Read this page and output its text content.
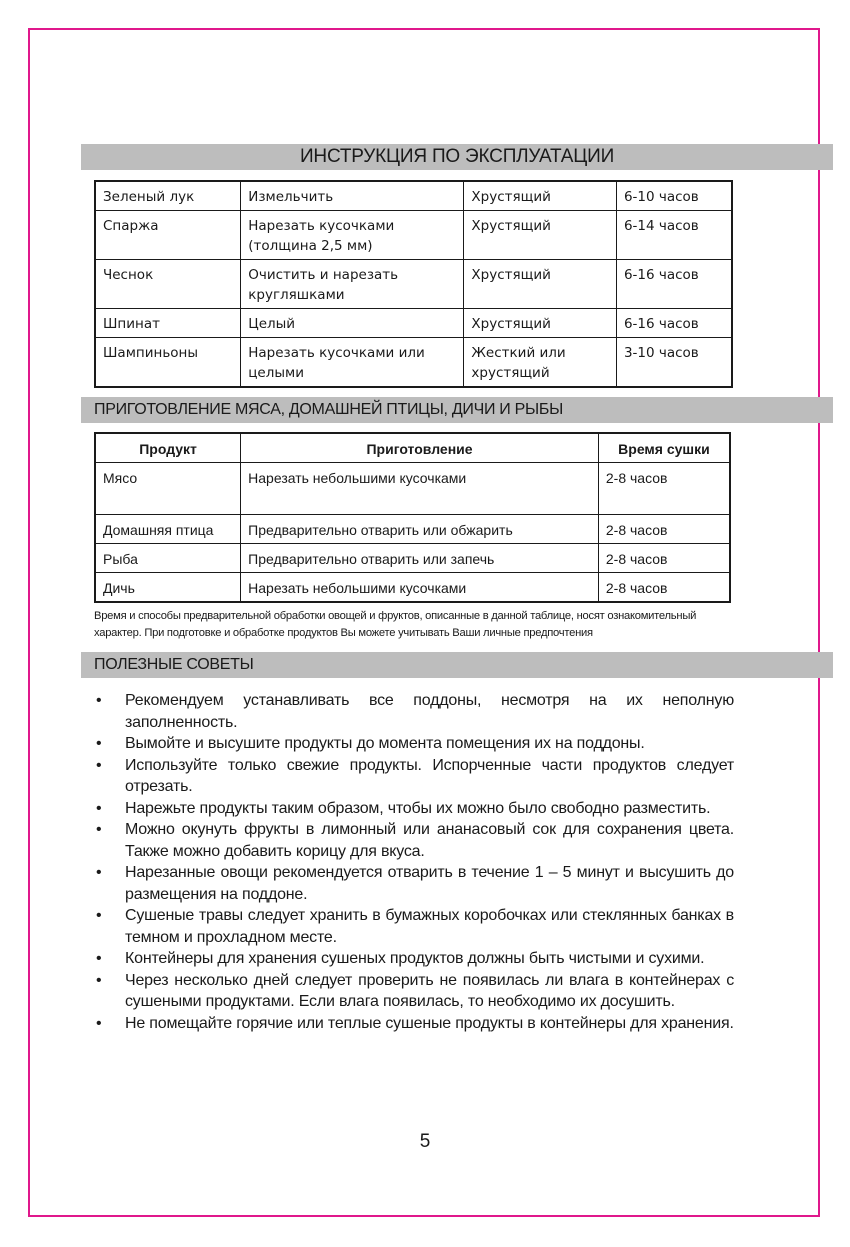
ИНСТРУКЦИЯ ПО ЭКСПЛУАТАЦИИ
Зеленый лук	Измельчить	Хрустящий	6-10 часов
Спаржа	Нарезать кусочками (толщина 2,5 мм)	Хрустящий	6-14 часов
Чеснок	Очистить и нарезать кругляшками	Хрустящий	6-16 часов
Шпинат	Целый	Хрустящий	6-16 часов
Шампиньоны	Нарезать кусочками или целыми	Жесткий или хрустящий	3-10 часов
ПРИГОТОВЛЕНИЕ МЯСА, ДОМАШНЕЙ ПТИЦЫ, ДИЧИ И РЫБЫ
Продукт	Приготовление	Время сушки
Мясо	Нарезать небольшими кусочками	2-8 часов
Домашняя птица	Предварительно отварить или обжарить	2-8 часов
Рыба	Предварительно отварить или запечь	2-8 часов
Дичь	Нарезать небольшими кусочками	2-8 часов
Время и способы предварительной обработки овощей и фруктов, описанные в данной таблице, носят ознакомительный характер. При подготовке и обработке продуктов Вы можете учитывать Ваши личные предпочтения
ПОЛЕЗНЫЕ СОВЕТЫ
• Рекомендуем устанавливать все поддоны, несмотря на их неполную заполненность.
• Вымойте и высушите продукты до момента помещения их на поддоны.
• Используйте только свежие продукты. Испорченные части продуктов следует отрезать.
• Нарежьте продукты таким образом, чтобы их можно было свободно разместить.
• Можно окунуть фрукты в лимонный или ананасовый сок для сохранения цвета. Также можно добавить корицу для вкуса.
• Нарезанные овощи рекомендуется отварить в течение 1 – 5 минут и высушить до размещения на поддоне.
• Сушеные травы следует хранить в бумажных коробочках или стеклянных банках в темном и прохладном месте.
• Контейнеры для хранения сушеных продуктов должны быть чистыми и сухими.
• Через несколько дней следует проверить не появилась ли влага в контейнерах с сушеными продуктами. Если влага появилась, то необходимо их досушить.
• Не помещайте горячие или теплые сушеные продукты в контейнеры для хранения.
5
